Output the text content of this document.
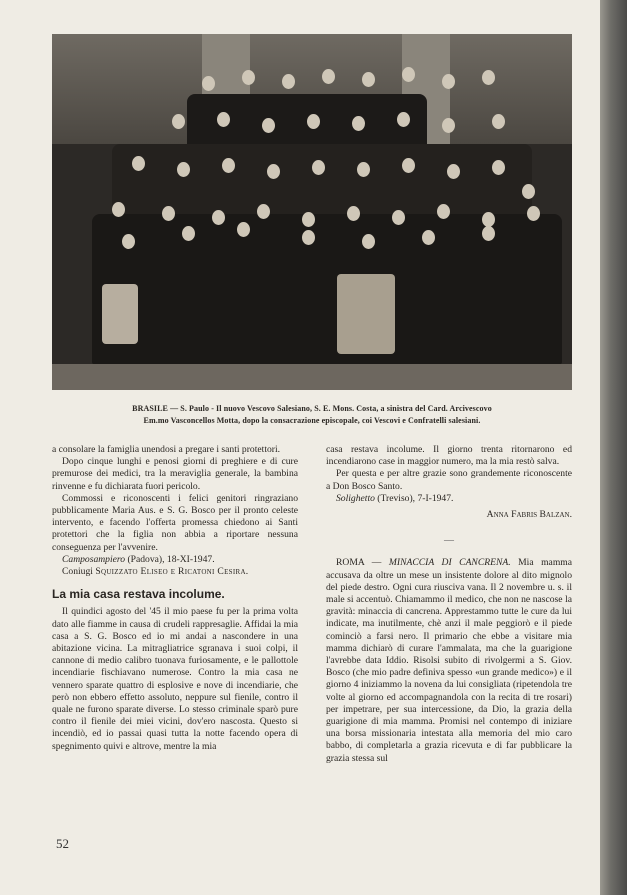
BRASILE — S. Paulo - Il nuovo Vescovo Salesiano, S. E. Mons. Costa, a sinistra del Card. Arcivescovo
Em.mo Vasconcellos Motta, dopo la consacrazione episcopale, coi Vescovi e Confratelli salesiani.

a consolare la famiglia unendosi a pregare i santi protettori.

Dopo cinque lunghi e penosi giorni di preghiere e di cure premurose dei medici, tra la meraviglia generale, la bambina rinvenne e fu dichiarata fuori pericolo.

Commossi e riconoscenti i felici genitori ringraziano pubblicamente Maria Aus. e S. G. Bosco per il pronto celeste intervento, e facendo l'offerta promessa chiedono ai Santi protettori che la figlia non abbia a riportare nessuna conseguenza per l'avvenire.

Camposampiero (Padova), 18-XI-1947.

Coniugi Squizzato Eliseo e Ricatoni Cesira.

La mia casa restava incolume.

Il quindici agosto del '45 il mio paese fu per la prima volta dato alle fiamme in causa di crudeli rappresaglie. Affidai la mia casa a S. G. Bosco ed io mi andai a nascondere in una abitazione vicina. La mitragliatrice sgranava i suoi colpi, il cannone di medio calibro tuonava furiosamente, e le pallottole incendiarie fischiavano numerose. Contro la mia casa ne vennero sparate quattro di esplosive e nove di incendiarie, che però non ebbero effetto assoluto, neppure sul fienile, contro il quale ne furono sparate diverse. Lo stesso criminale sparò pure contro il fienile dei miei vicini, dov'ero nascosta. Questo si incendiò, ed io passai quasi tutta la notte facendo opera di spegnimento quivi e altrove, mentre la mia

casa restava incolume. Il giorno trenta ritornarono ed incendiarono case in maggior numero, ma la mia restò salva.

Per questa e per altre grazie sono grandemente riconoscente a Don Bosco Santo.

Solighetto (Treviso), 7-I-1947.

Anna Fabris Balzan.

—

ROMA — MINACCIA DI CANCRENA. Mia mamma accusava da oltre un mese un insistente dolore al dito mignolo del piede destro. Ogni cura riusciva vana. Il 2 novembre u. s. il male si accentuò. Chiamammo il medico, che non ne nascose la gravità: minaccia di cancrena. Apprestammo tutte le cure da lui indicate, ma inutilmente, chè anzi il male peggiorò e il piede cominciò a farsi nero. Il primario che ebbe a visitare mia mamma dichiarò di curare l'ammalata, ma che la guarigione l'avrebbe data Iddio. Risolsi subito di rivolgermi a S. Giov. Bosco (che mio padre definiva spesso «un grande medico») e il giorno 4 iniziammo la novena da lui consigliata (ripetendola tre volte al giorno ed accompagnandola con la recita di tre rosari) per impetrare, per sua intercessione, da Dio, la grazia della guarigione di mia mamma. Promisi nel contempo di iniziare una borsa missionaria intestata alla memoria del mio caro babbo, di completarla a grazia ricevuta e di far pubblicare la grazia stessa sul

52
